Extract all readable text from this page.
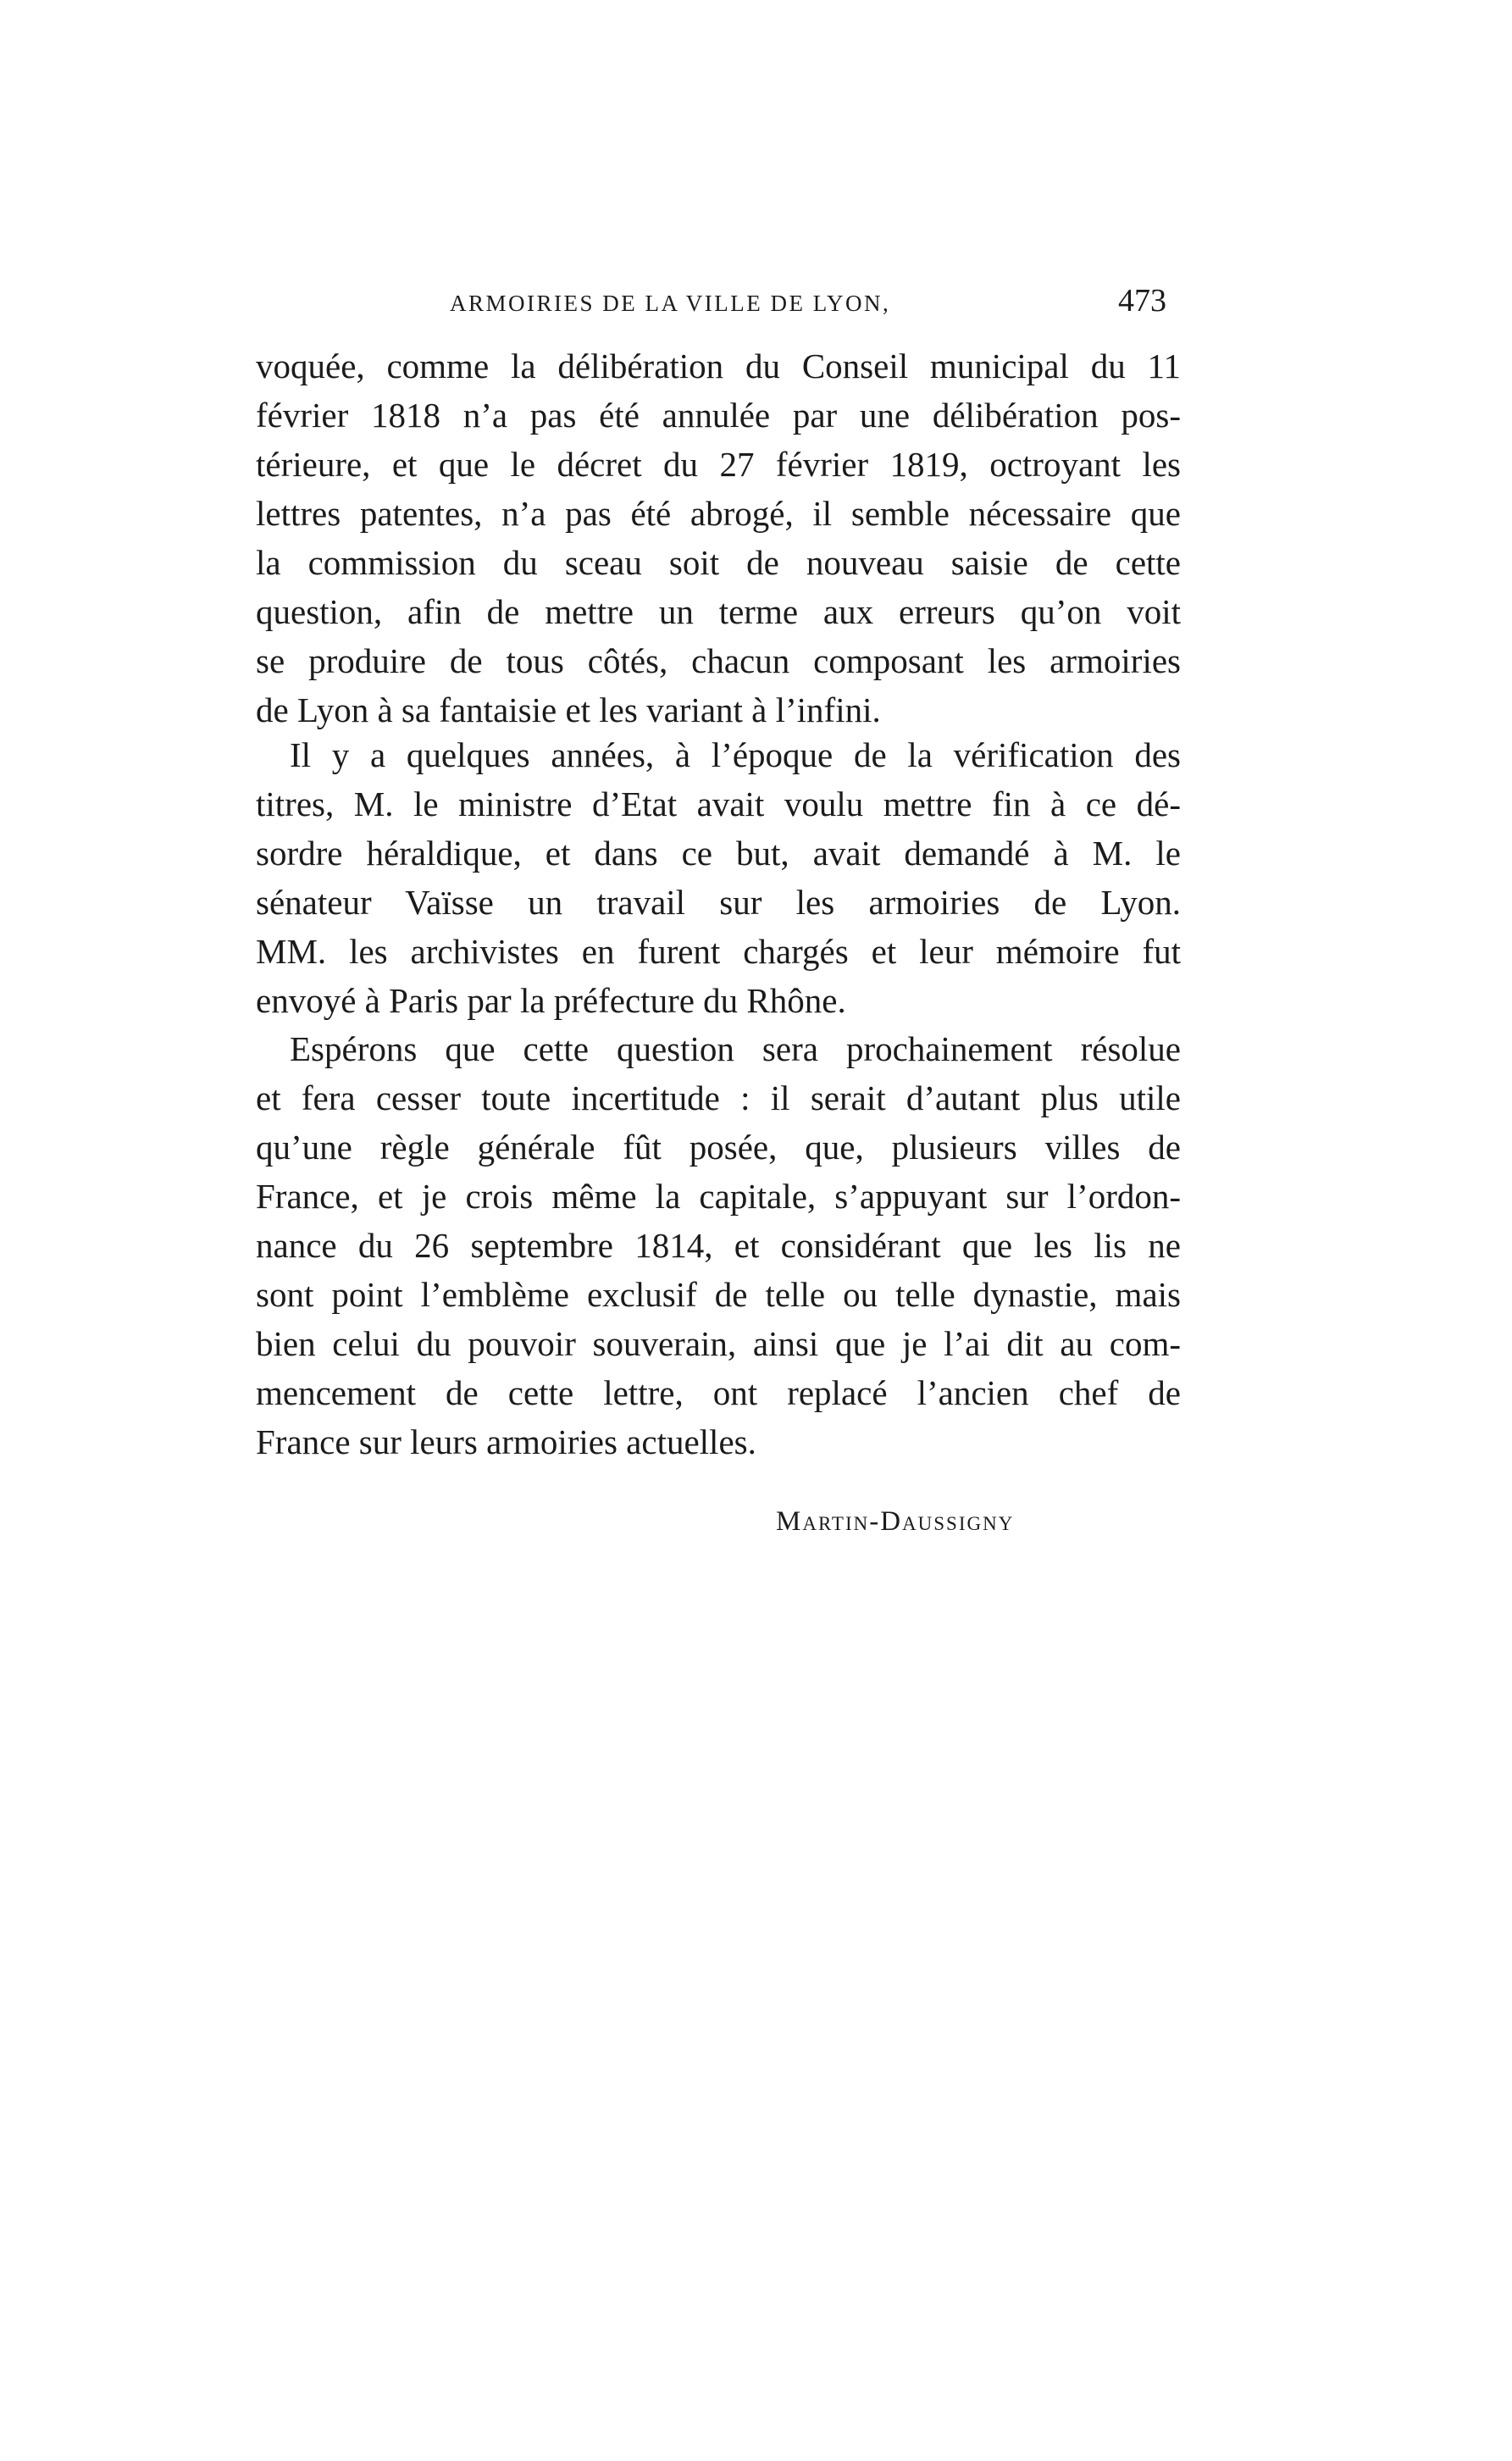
ARMOIRIES DE LA VILLE DE LYON,	473
voquée, comme la délibération du Conseil municipal du 11
février 1818 n’a pas été annulée par une délibération pos-
térieure, et que le décret du 27 février 1819, octroyant les
lettres patentes, n’a pas été abrogé, il semble nécessaire que
la commission du sceau soit de nouveau saisie de cette
question, afin de mettre un terme aux erreurs qu’on voit
se produire de tous côtés, chacun composant les armoiries
de Lyon à sa fantaisie et les variant à l’infini.
Il y a quelques années, à l’époque de la vérification des
titres, M. le ministre d’Etat avait voulu mettre fin à ce dé-
sordre héraldique, et dans ce but, avait demandé à M. le
sénateur Vaïsse un travail sur les armoiries de Lyon.
MM. les archivistes en furent chargés et leur mémoire fut
envoyé à Paris par la préfecture du Rhône.
Espérons que cette question sera prochainement résolue
et fera cesser toute incertitude : il serait d’autant plus utile
qu’une règle générale fût posée, que, plusieurs villes de
France, et je crois même la capitale, s’appuyant sur l’ordon-
nance du 26 septembre 1814, et considérant que les lis ne
sont point l’emblème exclusif de telle ou telle dynastie, mais
bien celui du pouvoir souverain, ainsi que je l’ai dit au com-
mencement de cette lettre, ont replacé l’ancien chef de
France sur leurs armoiries actuelles.
Martin-Daussigny
